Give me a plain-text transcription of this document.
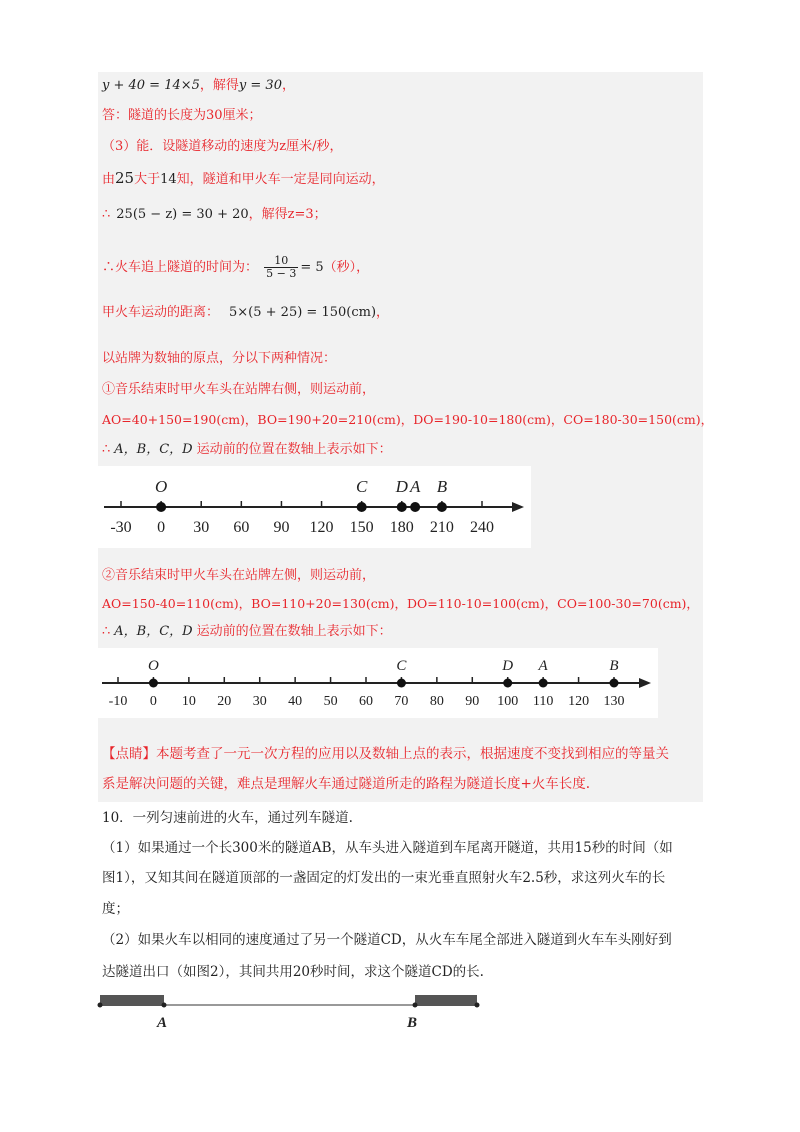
y + 40 = 14×5，解得y = 30，
答：隧道的长度为30厘米；
（3）能．设隧道移动的速度为z厘米/秒，
由25大于14知，隧道和甲火车一定是同向运动，
∴ 25(5 − z) = 30 + 20，解得z=3；
∴火车追上隧道的时间为： $\frac{10}{5 - 3} = 5$（秒），
甲火车运动的距离： 5×(5 + 25) = 150(cm)，
以站牌为数轴的原点，分以下两种情况：
①音乐结束时甲火车头在站牌右侧，则运动前，
AO=40+150=190(cm)，BO=190+20=210(cm)，DO=190-10=180(cm)，CO=180-30=150(cm)，
∴ A，B，C，D 运动前的位置在数轴上表示如下：
-30 0 30 60 90 120 150 180 210 240
O	C D A B
②音乐结束时甲火车头在站牌左侧，则运动前，
AO=150-40=110(cm)，BO=110+20=130(cm)，DO=110-10=100(cm)，CO=100-30=70(cm)，
∴ A，B，C，D 运动前的位置在数轴上表示如下：
-10 0 10 20 30 40 50 60 70 80 90 100 110 120 130
O	C	D A	B
【点睛】本题考查了一元一次方程的应用以及数轴上点的表示，根据速度不变找到相应的等量关
系是解决问题的关键，难点是理解火车通过隧道所走的路程为隧道长度+火车长度.
10．一列匀速前进的火车，通过列车隧道.
（1）如果通过一个长300米的隧道AB，从车头进入隧道到车尾离开隧道，共用15秒的时间（如
图1），又知其间在隧道顶部的一盏固定的灯发出的一束光垂直照射火车2.5秒，求这列火车的长
度；
（2）如果火车以相同的速度通过了另一个隧道CD，从火车车尾全部进入隧道到火车车头刚好到
达隧道出口（如图2），其间共用20秒时间，求这个隧道CD的长.
A	B
